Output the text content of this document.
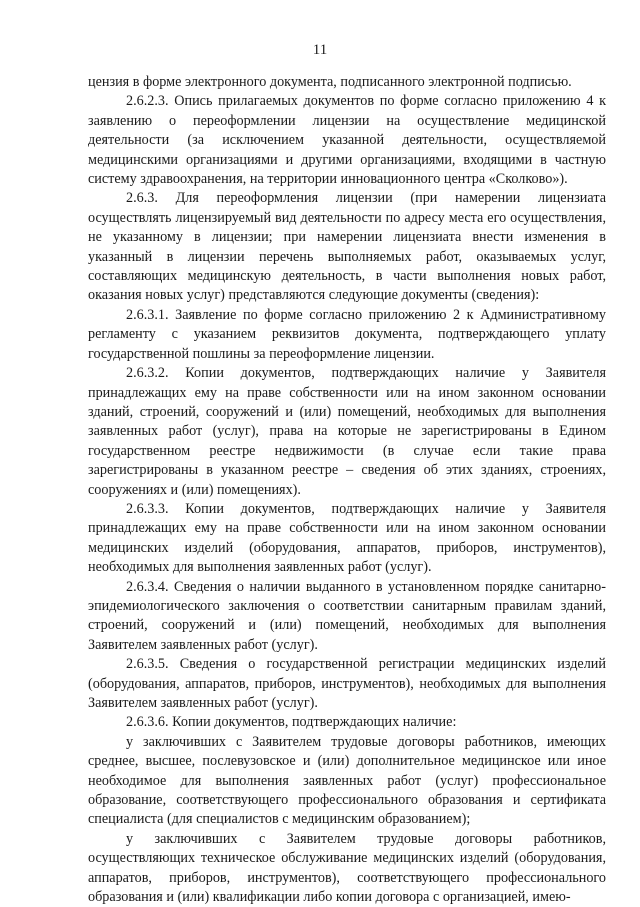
11

цензия в форме электронного документа, подписанного электронной подписью.

2.6.2.3. Опись прилагаемых документов по форме согласно приложению 4 к заявлению о переоформлении лицензии на осуществление медицинской деятельности (за исключением указанной деятельности, осуществляемой медицинскими организациями и другими организациями, входящими в частную систему здравоохранения, на территории инновационного центра «Сколково»).

2.6.3. Для переоформления лицензии (при намерении лицензиата осуществлять лицензируемый вид деятельности по адресу места его осуществления, не указанному в лицензии; при намерении лицензиата внести изменения в указанный в лицензии перечень выполняемых работ, оказываемых услуг, составляющих медицинскую деятельность, в части выполнения новых работ, оказания новых услуг) представляются следующие документы (сведения):

2.6.3.1. Заявление по форме согласно приложению 2 к Административному регламенту с указанием реквизитов документа, подтверждающего уплату государственной пошлины за переоформление лицензии.

2.6.3.2. Копии документов, подтверждающих наличие у Заявителя принадлежащих ему на праве собственности или на ином законном основании зданий, строений, сооружений и (или) помещений, необходимых для выполнения заявленных работ (услуг), права на которые не зарегистрированы в Едином государственном реестре недвижимости (в случае если такие права зарегистрированы в указанном реестре – сведения об этих зданиях, строениях, сооружениях и (или) помещениях).

2.6.3.3. Копии документов, подтверждающих наличие у Заявителя принадлежащих ему на праве собственности или на ином законном основании медицинских изделий (оборудования, аппаратов, приборов, инструментов), необходимых для выполнения заявленных работ (услуг).

2.6.3.4. Сведения о наличии выданного в установленном порядке санитарно-эпидемиологического заключения о соответствии санитарным правилам зданий, строений, сооружений и (или) помещений, необходимых для выполнения Заявителем заявленных работ (услуг).

2.6.3.5. Сведения о государственной регистрации медицинских изделий (оборудования, аппаратов, приборов, инструментов), необходимых для выполнения Заявителем заявленных работ (услуг).

2.6.3.6. Копии документов, подтверждающих наличие:

у заключивших с Заявителем трудовые договоры работников, имеющих среднее, высшее, послевузовское и (или) дополнительное медицинское или иное необходимое для выполнения заявленных работ (услуг) профессиональное образование, соответствующего профессионального образования и сертификата специалиста (для специалистов с медицинским образованием);

у заключивших с Заявителем трудовые договоры работников, осуществляющих техническое обслуживание медицинских изделий (оборудования, аппаратов, приборов, инструментов), соответствующего профессионального образования и (или) квалификации либо копии договора с организацией, имею-
